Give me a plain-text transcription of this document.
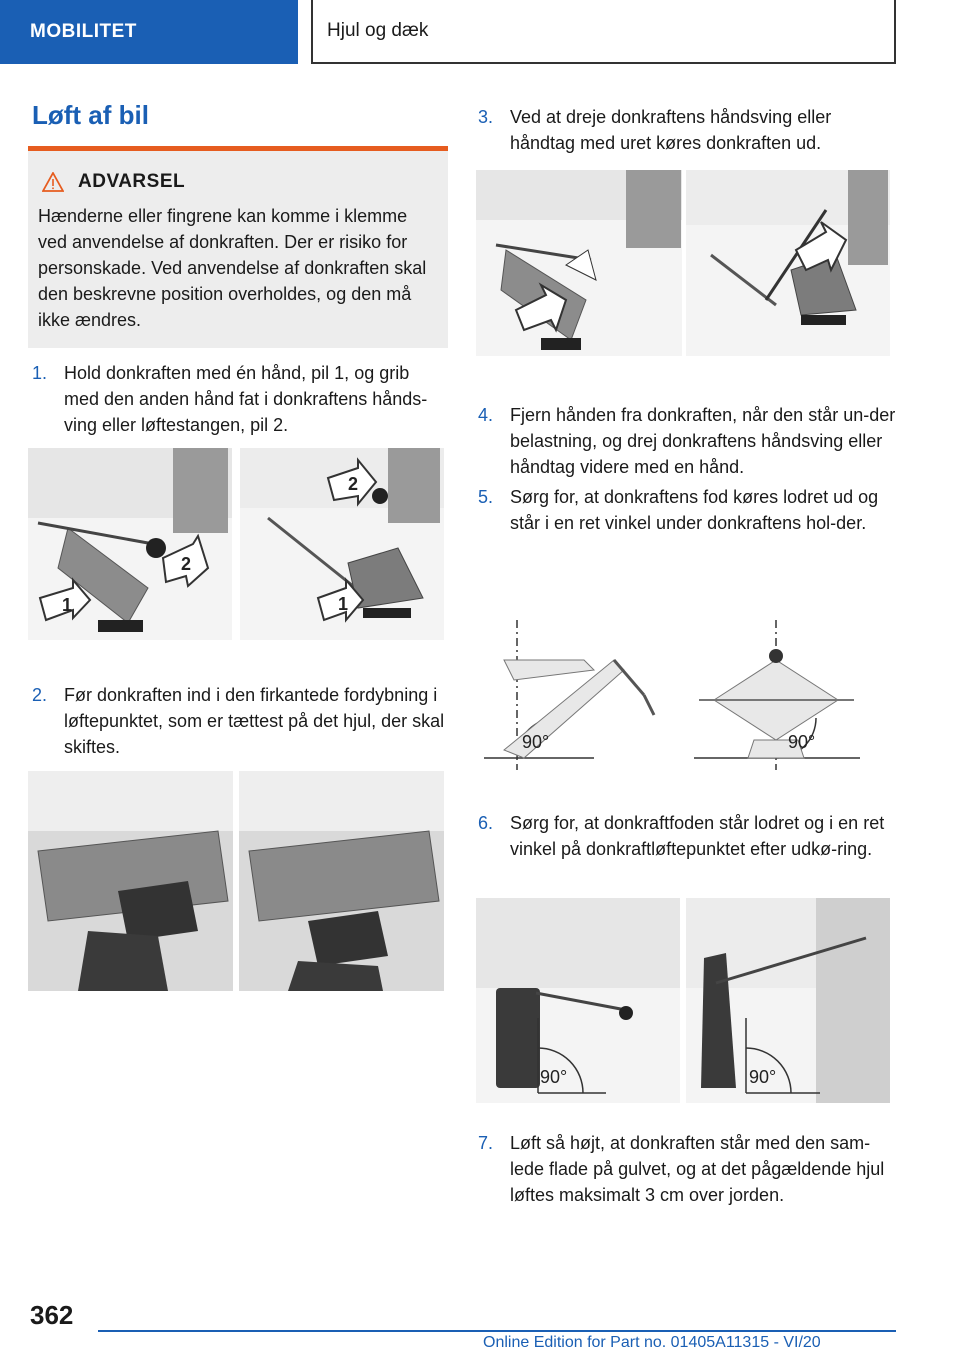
MOBILITET	Hjul og dæk
Løft af bil
ADVARSEL
Hænderne eller fingrene kan komme i klemme ved anvendelse af donkraften. Der er risiko for personskade. Ved anvendelse af donkraften skal den beskrevne position overholdes, og den må ikke ændres.
1. Hold donkraften med én hånd, pil 1, og grib med den anden hånd fat i donkraftens hånds-ving eller løftestangen, pil 2.
1
2
2
1
2. Før donkraften ind i den firkantede fordybning i løftepunktet, som er tættest på det hjul, der skal skiftes.
3. Ved at dreje donkraftens håndsving eller håndtag med uret køres donkraften ud.
4. Fjern hånden fra donkraften, når den står un-der belastning, og drej donkraftens håndsving eller håndtag videre med en hånd.
5. Sørg for, at donkraftens fod køres lodret ud og står i en ret vinkel under donkraftens hol-der.
90°	90°
6. Sørg for, at donkraftfoden står lodret og i en ret vinkel på donkraftløftepunktet efter udkø-ring.
90°	90°
7. Løft så højt, at donkraften står med den sam-lede flade på gulvet, og at det pågældende hjul løftes maksimalt 3 cm over jorden.
362
Online Edition for Part no. 01405A11315 - VI/20
